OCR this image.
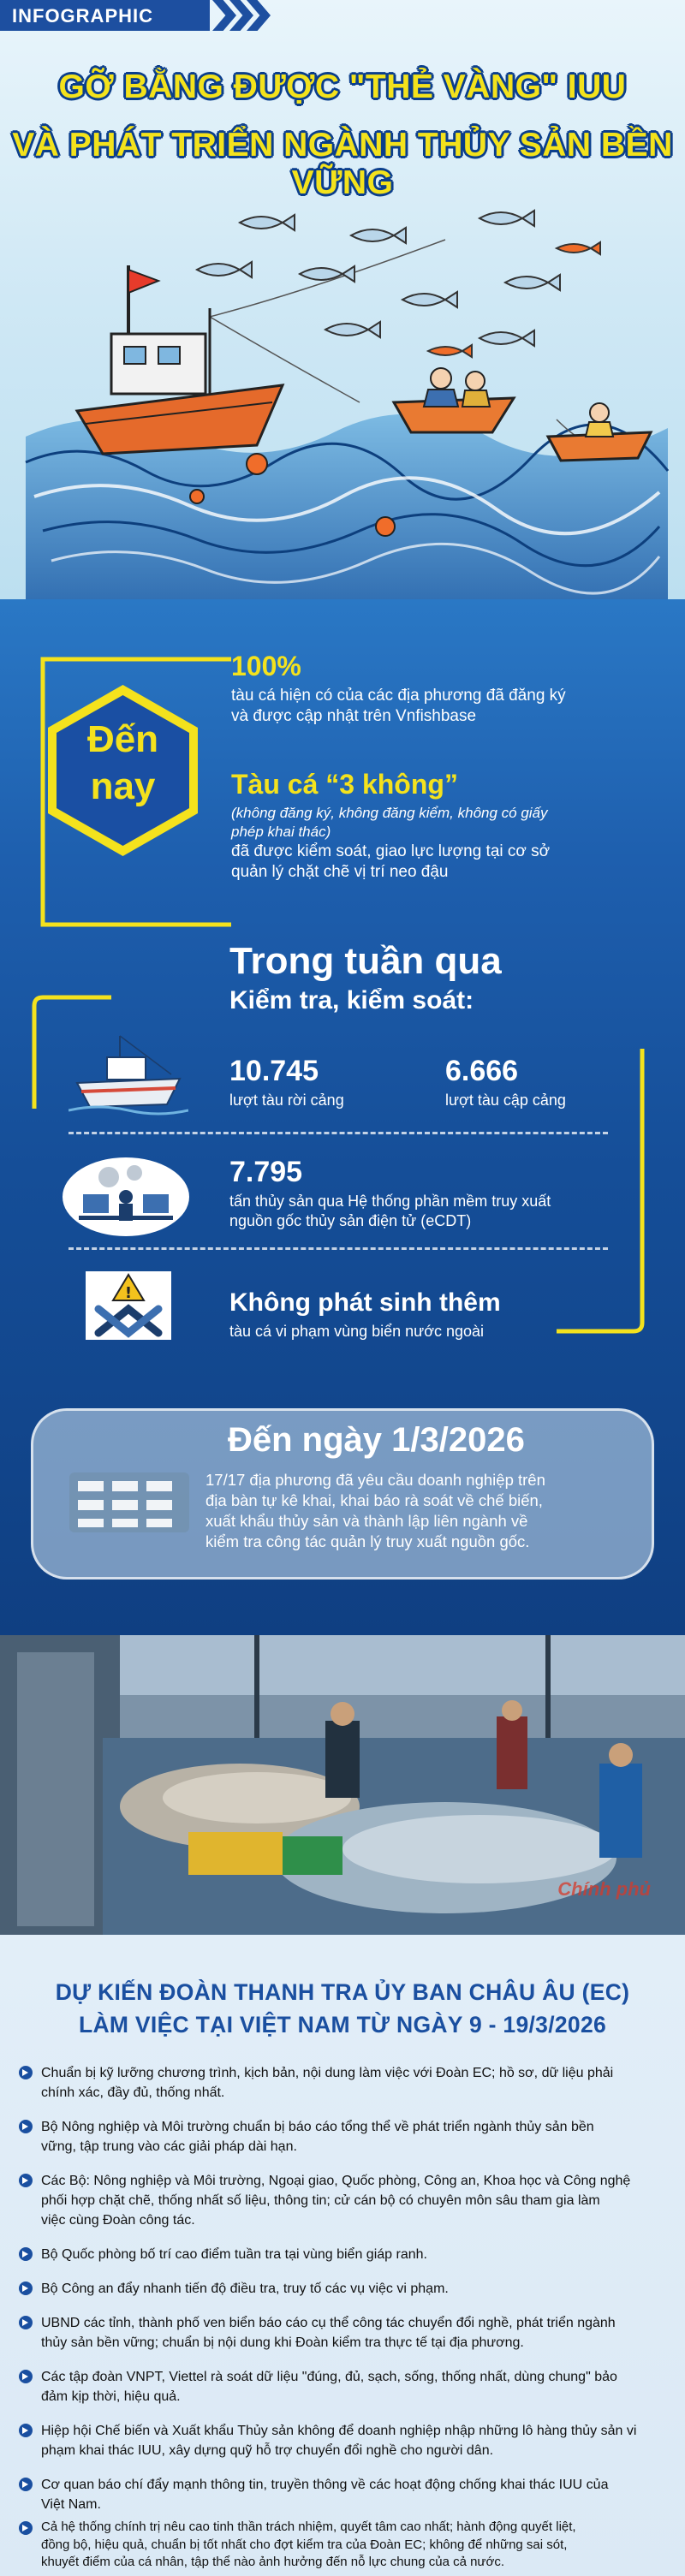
INFOGRAPHIC
GỠ BẰNG ĐƯỢC "THẺ VÀNG" IUU
VÀ PHÁT TRIỂN NGÀNH THỦY SẢN BỀN VỮNG
Đến
nay
100%
tàu cá hiện có của các địa phương đã đăng ký
và được cập nhật trên Vnfishbase
Tàu cá “3 không”
(không đăng ký, không đăng kiểm, không có giấy
phép khai thác)
đã được kiểm soát, giao lực lượng tại cơ sở
quản lý chặt chẽ vị trí neo đậu
Trong tuần qua
Kiểm tra, kiểm soát:
10.745
lượt tàu rời cảng
6.666
lượt tàu cập cảng
7.795
tấn thủy sản qua Hệ thống phần mềm truy xuất
nguồn gốc thủy sản điện tử (eCDT)
!	Không phát sinh thêm
tàu cá vi phạm vùng biển nước ngoài
Đến ngày 1/3/2026
17/17 địa phương đã yêu cầu doanh nghiệp trên
địa bàn tự kê khai, khai báo rà soát về chế biến,
xuất khẩu thủy sản và thành lập liên ngành về
kiểm tra công tác quản lý truy xuất nguồn gốc.
Chính phủ
DỰ KIẾN ĐOÀN THANH TRA ỦY BAN CHÂU ÂU (EC)
LÀM VIỆC TẠI VIỆT NAM TỪ NGÀY 9 - 19/3/2026
Chuẩn bị kỹ lưỡng chương trình, kịch bản, nội dung làm việc với Đoàn EC; hồ sơ, dữ liệu phải
chính xác, đầy đủ, thống nhất.
Bộ Nông nghiệp và Môi trường chuẩn bị báo cáo tổng thể về phát triển ngành thủy sản bền
vững, tập trung vào các giải pháp dài hạn.
Các Bộ: Nông nghiệp và Môi trường, Ngoại giao, Quốc phòng, Công an, Khoa học và Công nghệ
phối hợp chặt chẽ, thống nhất số liệu, thông tin; cử cán bộ có chuyên môn sâu tham gia làm
việc cùng Đoàn công tác.
Bộ Quốc phòng bố trí cao điểm tuần tra tại vùng biển giáp ranh.
Bộ Công an đẩy nhanh tiến độ điều tra, truy tố các vụ việc vi phạm.
UBND các tỉnh, thành phố ven biển báo cáo cụ thể công tác chuyển đổi nghề, phát triển ngành
thủy sản bền vững; chuẩn bị nội dung khi Đoàn kiểm tra thực tế tại địa phương.
Các tập đoàn VNPT, Viettel rà soát dữ liệu "đúng, đủ, sạch, sống, thống nhất, dùng chung" bảo
đảm kịp thời, hiệu quả.
Hiệp hội Chế biến và Xuất khẩu Thủy sản không để doanh nghiệp nhập những lô hàng thủy sản vi
phạm khai thác IUU, xây dựng quỹ hỗ trợ chuyển đổi nghề cho người dân.
Cơ quan báo chí đẩy mạnh thông tin, truyền thông về các hoạt động chống khai thác IUU của
Việt Nam.
Cả hệ thống chính trị nêu cao tinh thần trách nhiệm, quyết tâm cao nhất; hành động quyết liệt,
đồng bộ, hiệu quả, chuẩn bị tốt nhất cho đợt kiểm tra của Đoàn EC; không để những sai sót,
khuyết điểm của cá nhân, tập thể nào ảnh hưởng đến nỗ lực chung của cả nước.
